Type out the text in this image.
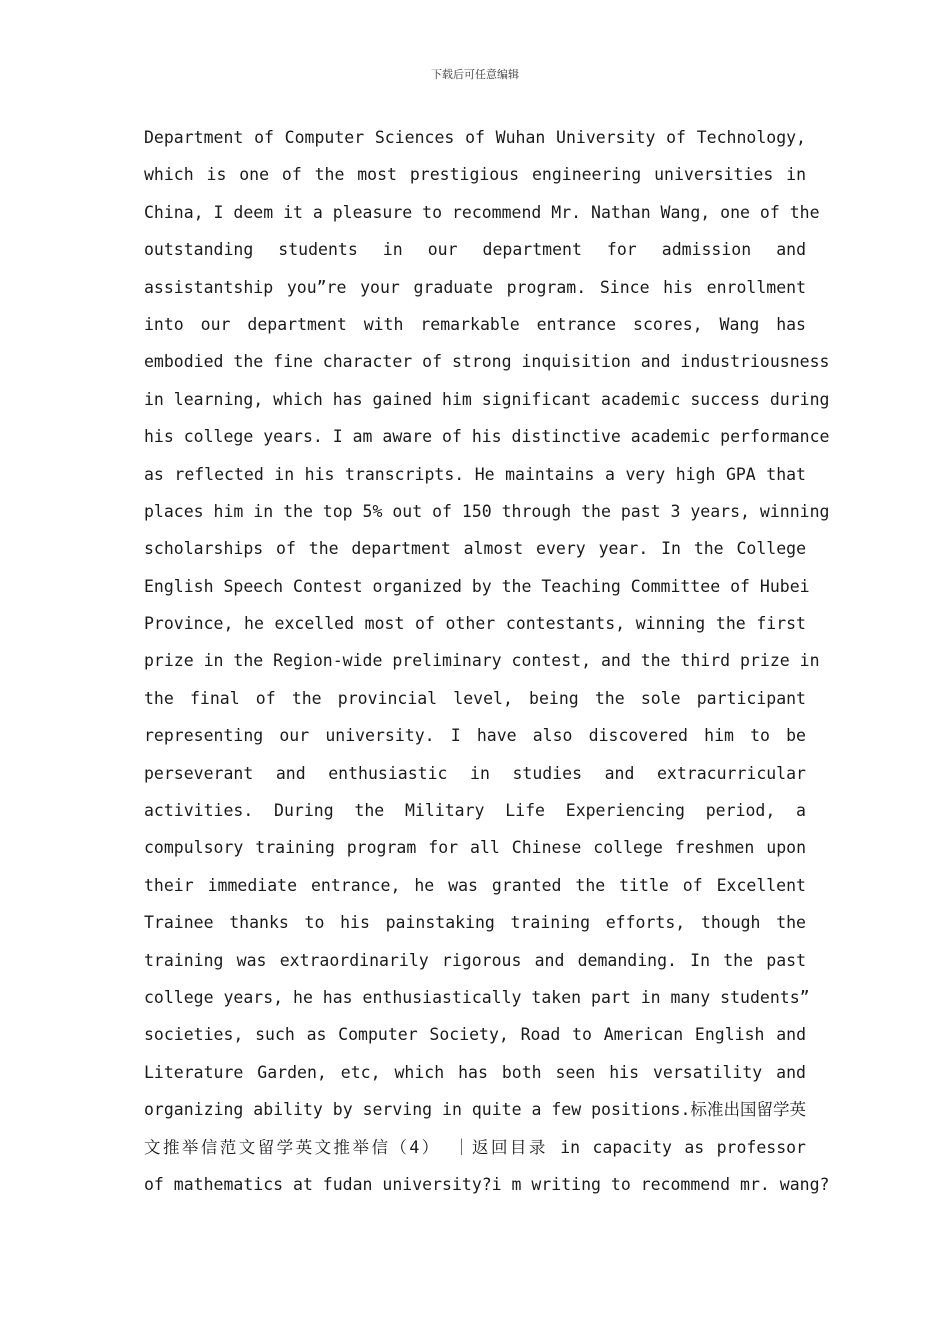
下载后可任意编辑
Department of Computer Sciences of Wuhan University of Technology,
which is one of the most prestigious engineering universities in
China, I deem it a pleasure to recommend Mr. Nathan Wang, one of the
outstanding students in our department for admission and
assistantship you”re your graduate program. Since his enrollment
into our department with remarkable entrance scores, Wang has
embodied the fine character of strong inquisition and industriousness
in learning, which has gained him significant academic success during
his college years. I am aware of his distinctive academic performance
as reflected in his transcripts. He maintains a very high GPA that
places him in the top 5% out of 150 through the past 3 years, winning
scholarships of the department almost every year. In the College
English Speech Contest organized by the Teaching Committee of Hubei
Province, he excelled most of other contestants, winning the first
prize in the Region-wide preliminary contest, and the third prize in
the final of the provincial level, being the sole participant
representing our university. I have also discovered him to be
perseverant and enthusiastic in studies and extracurricular
activities. During the Military Life Experiencing period, a
compulsory training program for all Chinese college freshmen upon
their immediate entrance, he was granted the title of Excellent
Trainee thanks to his painstaking training efforts, though the
training was extraordinarily rigorous and demanding. In the past
college years, he has enthusiastically taken part in many students”
societies, such as Computer Society, Road to American English and
Literature Garden, etc, which has both seen his versatility and
organizing ability by serving in quite a few positions.标准出国留学英
文推举信范文留学英文推举信（4） ｜返回目录 in capacity as professor
of mathematics at fudan university?i m writing to recommend mr. wang?
